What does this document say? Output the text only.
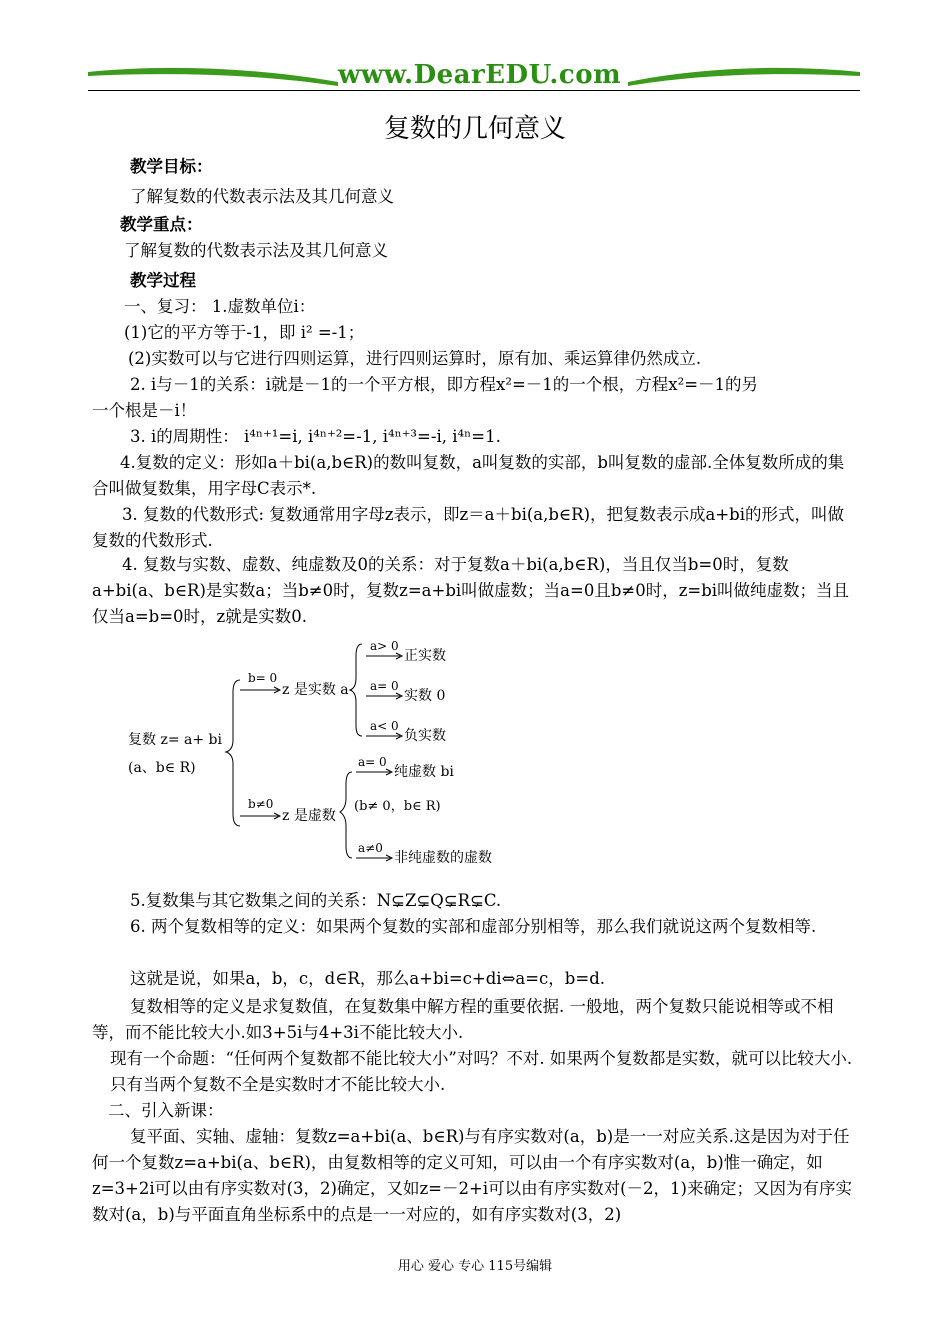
www.DearEDU.com
复数的几何意义
教学目标：
了解复数的代数表示法及其几何意义
教学重点：
了解复数的代数表示法及其几何意义
教学过程
一、复习： 1.虚数单位i：
(1)它的平方等于-1，即 i² =-1；
(2)实数可以与它进行四则运算，进行四则运算时，原有加、乘运算律仍然成立.
2. i与－1的关系：i就是－1的一个平方根，即方程x²=－1的一个根，方程x²=－1的另
一个根是－i！
3. i的周期性： i⁴ⁿ⁺¹=i, i⁴ⁿ⁺²=-1, i⁴ⁿ⁺³=-i, i⁴ⁿ=1.
4.复数的定义：形如a＋bi(a,b∈R)的数叫复数，a叫复数的实部，b叫复数的虚部.全体复数所成的集合叫做复数集，用字母C表示*.
3. 复数的代数形式: 复数通常用字母z表示，即z＝a＋bi(a,b∈R)，把复数表示成a+bi的形式，叫做复数的代数形式.
4. 复数与实数、虚数、纯虚数及0的关系：对于复数a＋bi(a,b∈R)，当且仅当b=0时，复数a+bi(a、b∈R)是实数a；当b≠0时，复数z=a+bi叫做虚数；当a=0且b≠0时，z=bi叫做纯虚数；当且仅当a=b=0时，z就是实数0.
复数 z= a+ bi
(a、b∈ R)
b= 0
z 是实数 a
a> 0
正实数
a= 0
实数 0
a< 0
负实数
b≠0
z 是虚数
a= 0
纯虚数 bi
(b≠ 0，b∈ R)
a≠0
非纯虚数的虚数
5.复数集与其它数集之间的关系：N⊊Z⊊Q⊊R⊊C.
6. 两个复数相等的定义：如果两个复数的实部和虚部分别相等，那么我们就说这两个复数相等.
这就是说，如果a，b，c，d∈R，那么a+bi=c+di⇔a=c，b=d.
复数相等的定义是求复数值，在复数集中解方程的重要依据. 一般地，两个复数只能说相等或不相等，而不能比较大小.如3+5i与4+3i不能比较大小.
现有一个命题：“任何两个复数都不能比较大小”对吗？不对. 如果两个复数都是实数，就可以比较大小. 只有当两个复数不全是实数时才不能比较大小.
二、引入新课：
复平面、实轴、虚轴：复数z=a+bi(a、b∈R)与有序实数对(a，b)是一一对应关系.这是因为对于任何一个复数z=a+bi(a、b∈R)，由复数相等的定义可知，可以由一个有序实数对(a，b)惟一确定，如z=3+2i可以由有序实数对(3，2)确定，又如z=－2+i可以由有序实数对(－2，1)来确定；又因为有序实数对(a，b)与平面直角坐标系中的点是一一对应的，如有序实数对(3，2)
用心 爱心 专心 115号编辑
